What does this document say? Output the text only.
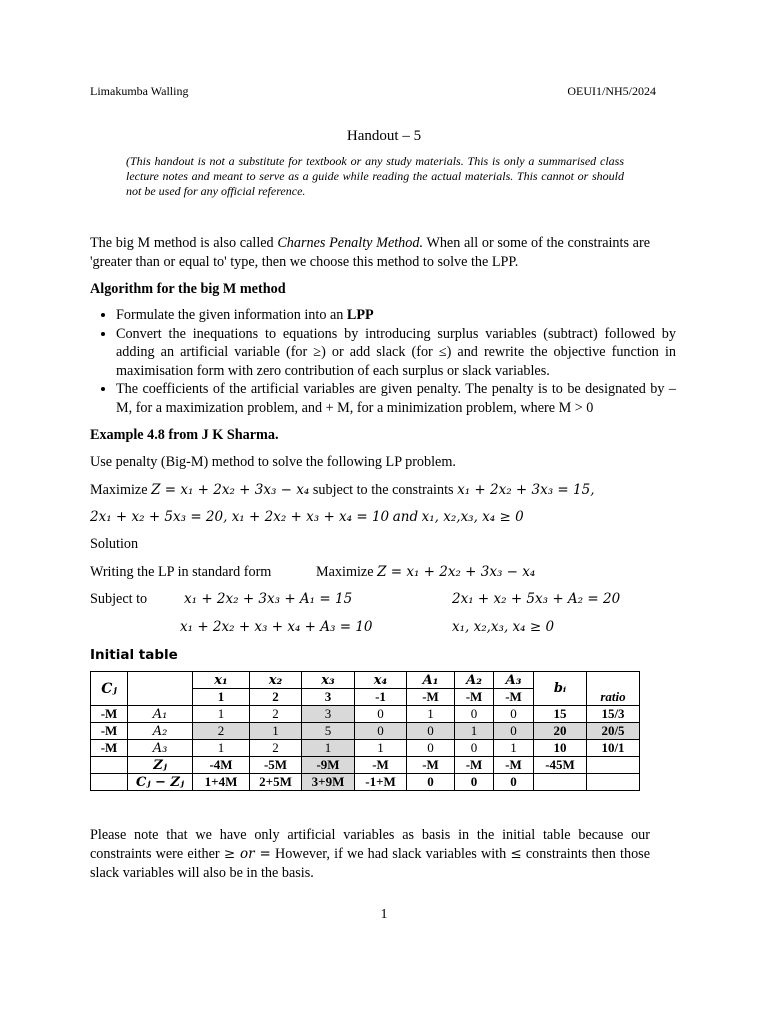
Limakumba Walling	OEUI1/NH5/2024
Handout – 5
(This handout is not a substitute for textbook or any study materials. This is only a summarised class lecture notes and meant to serve as a guide while reading the actual materials. This cannot or should not be used for any official reference.

The big M method is also called Charnes Penalty Method. When all or some of the constraints are 'greater than or equal to' type, then we choose this method to solve the LPP.

Algorithm for the big M method
• Formulate the given information into an LPP
• Convert the inequations to equations by introducing surplus variables (subtract) followed by adding an artificial variable (for ≥) or add slack (for ≤) and rewrite the objective function in maximisation form with zero contribution of each surplus or slack variables.
• The coefficients of the artificial variables are given penalty. The penalty is to be designated by – M, for a maximization problem, and + M, for a minimization problem, where M > 0
Example 4.8 from J K Sharma.
Use penalty (Big-M) method to solve the following LP problem.
Maximize Z = x₁ + 2x₂ + 3x₃ − x₄ subject to the constraints x₁ + 2x₂ + 3x₃ = 15,
2x₁ + x₂ + 5x₃ = 20, x₁ + 2x₂ + x₃ + x₄ = 10 and x₁, x₂,x₃, x₄ ≥ 0
Solution
Writing the LP in standard form	Maximize Z = x₁ + 2x₂ + 3x₃ − x₄
Subject to	x₁ + 2x₂ + 3x₃ + A₁ = 15	2x₁ + x₂ + 5x₃ + A₂ = 20
x₁ + 2x₂ + x₃ + x₄ + A₃ = 10	x₁, x₂,x₃, x₄ ≥ 0
Initial table
Cⱼ		x₁	x₂	x₃	x₄	A₁	A₂	A₃	bᵢ	ratio
		1	2	3	-1	-M	-M	-M		
-M	A₁	1	2	3	0	1	0	0	15	15/3
-M	A₂	2	1	5	0	0	1	0	20	20/5
-M	A₃	1	2	1	1	0	0	1	10	10/1
	Zⱼ	-4M	-5M	-9M	-M	-M	-M	-M	-45M	
	Cⱼ − Zⱼ	1+4M	2+5M	3+9M	-1+M	0	0	0		

Please note that we have only artificial variables as basis in the initial table because our constraints were either ≥ or = However, if we had slack variables with ≤ constraints then those slack variables will also be in the basis.

1
